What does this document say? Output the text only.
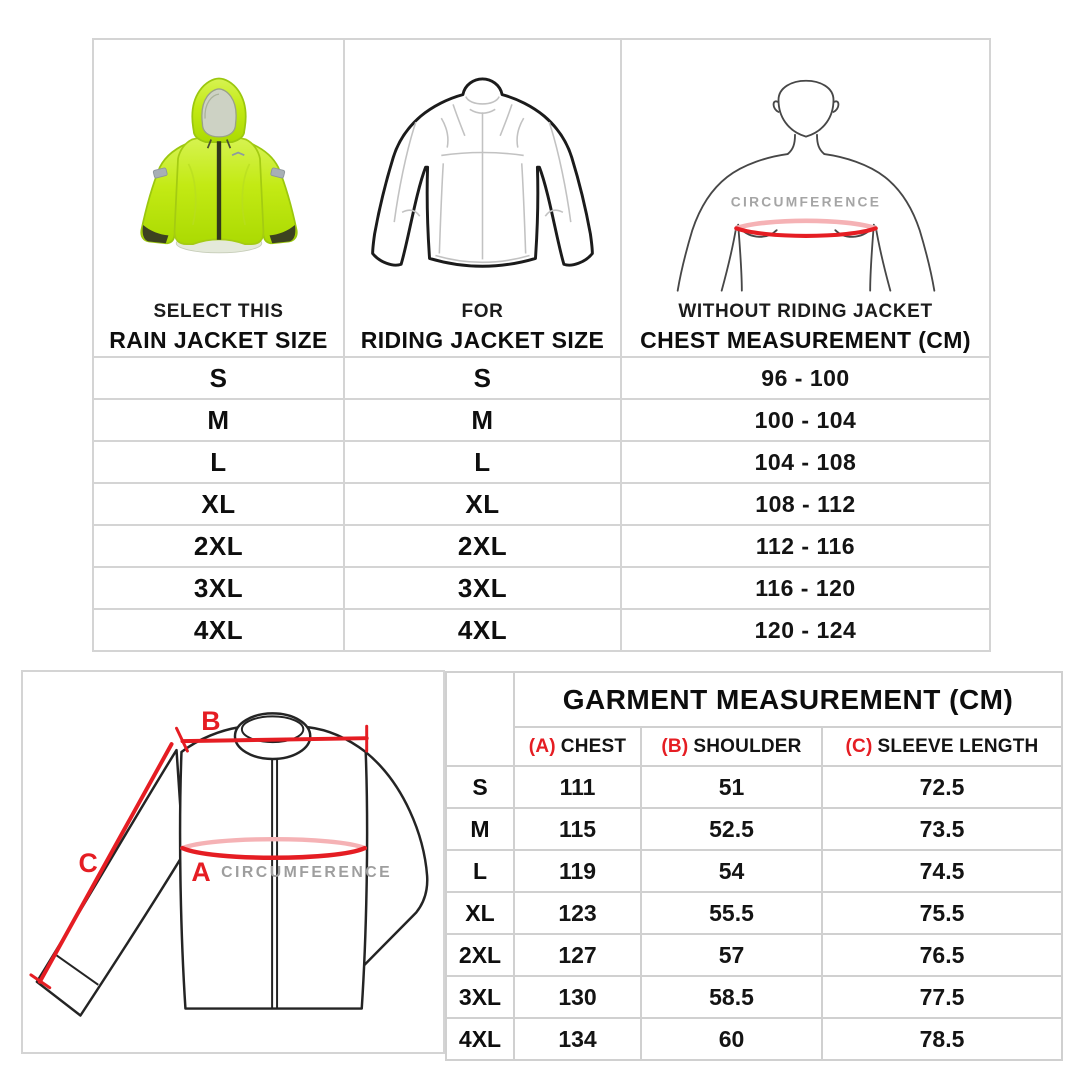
SELECT THIS
RAIN JACKET SIZE

FOR
RIDING JACKET SIZE

CIRCUMFERENCE
WITHOUT RIDING JACKET
CHEST MEASUREMENT (CM)

S	S	96 - 100
M	M	100 - 104
L	L	104 - 108
XL	XL	108 - 112
2XL	2XL	112 - 116
3XL	3XL	116 - 120
4XL	4XL	120 - 124
B
C	A CIRCUMFERENCE
	GARMENT MEASUREMENT (CM)		
	(A) CHEST	(B) SHOULDER	(C) SLEEVE LENGTH
S	111	51	72.5
M	115	52.5	73.5
L	119	54	74.5
XL	123	55.5	75.5
2XL	127	57	76.5
3XL	130	58.5	77.5
4XL	134	60	78.5
